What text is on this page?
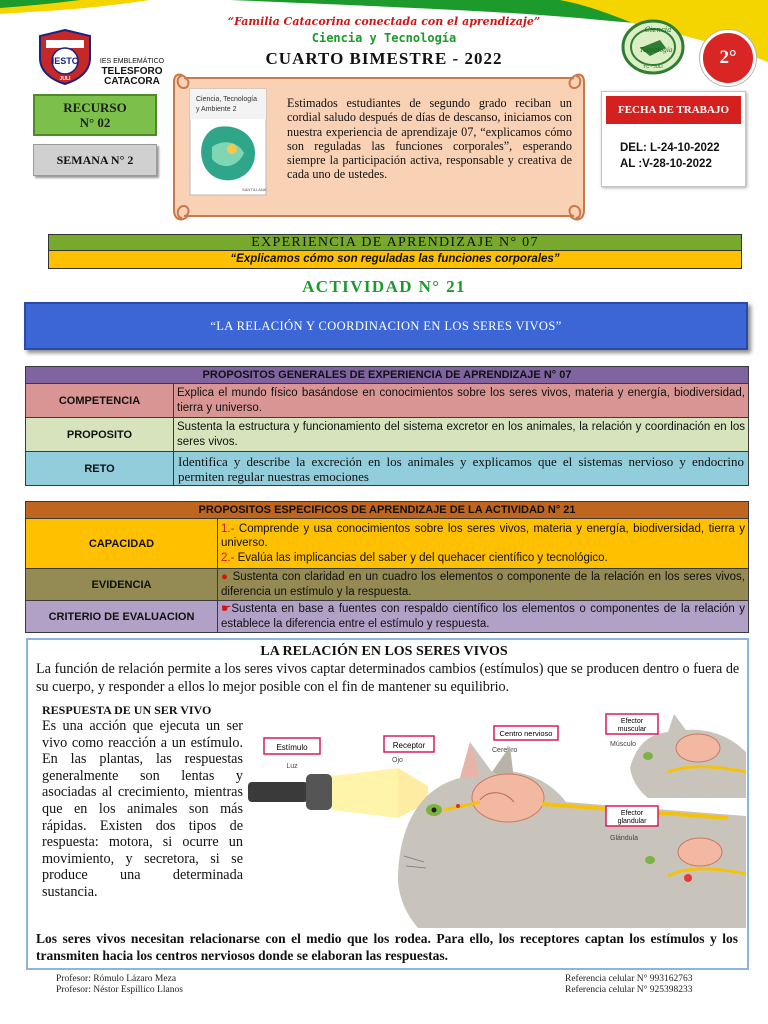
“Familia Catacorina conectada con el aprendizaje”
Ciencia y Tecnología
CUARTO BIMESTRE - 2022
IESTC
JULI
IES EMBLEMÁTICO
TELESFORO
CATACORA
Ciencia
Tecnología
TC - JULI	2°
RECURSO
N° 02
SEMANA N° 2
Ciencia, Tecnología
y Ambiente 2
SANTILLANA
Estimados estudiantes de segundo grado reciban un cordial saludo después de días de descanso, iniciamos con nuestra experiencia de aprendizaje 07, “explicamos cómo son reguladas las funciones corporales”, esperando siempre la participación activa, responsable y creativa de cada uno de ustedes.
FECHA DE TRABAJO
DEL: L-24-10-2022
AL :V-28-10-2022
EXPERIENCIA DE APRENDIZAJE N° 07
“Explicamos cómo son reguladas las funciones corporales”
ACTIVIDAD N° 21
“LA RELACIÓN Y COORDINACION EN LOS SERES VIVOS”
PROPOSITOS GENERALES DE EXPERIENCIA DE APRENDIZAJE N° 07	
COMPETENCIA	Explica el mundo físico basándose en conocimientos sobre los seres vivos, materia y energía, biodiversidad, tierra y universo.
PROPOSITO	Sustenta la estructura y funcionamiento del sistema excretor en los animales, la relación y coordinación en los seres vivos.
RETO	Identifica y describe la excreción en los animales y explicamos que el sistemas nervioso y endocrino permiten regular nuestras emociones
PROPOSITOS ESPECIFICOS DE APRENDIZAJE DE LA ACTIVIDAD N° 21	
CAPACIDAD	1.- Comprende y usa conocimientos sobre los seres vivos, materia y energía, biodiversidad, tierra y universo.
2.- Evalúa las implicancias del saber y del quehacer científico y tecnológico.
EVIDENCIA	● Sustenta con claridad en un cuadro los elementos o componente de la relación en los seres vivos, diferencia un estímulo y la respuesta.
CRITERIO DE EVALUACION	☛Sustenta en base a fuentes con respaldo científico los elementos o componentes de la relación y establece la diferencia entre el estímulo y respuesta.
LA RELACIÓN EN LOS SERES VIVOS
La función de relación permite a los seres vivos captar determinados cambios (estímulos) que se producen dentro o fuera de su cuerpo, y responder a ellos lo mejor posible con el fin de mantener su equilibrio.
RESPUESTA DE UN SER VIVO
Es una acción que ejecuta un ser vivo como reacción a un estímulo. En las plantas, las respuestas generalmente son lentas y asociadas al crecimiento, mientras que en los animales son más rápidas. Existen dos tipos de respuesta: motora, si ocurre un movimiento, y secretora, si se produce una determinada sustancia.
Estímulo
Luz
Receptor
Ojo
Centro nervioso
Cerebro
Efector
muscular
Músculo
Efector
glandular
Glándula
Los seres vivos necesitan relacionarse con el medio que los rodea. Para ello, los receptores captan los estímulos y los transmiten hacia los centros nerviosos donde se elaboran las respuestas.
Profesor: Rómulo Lázaro Meza
Profesor: Néstor Espillico Llanos
Referencia celular N° 993162763
Referencia celular N° 925398233
